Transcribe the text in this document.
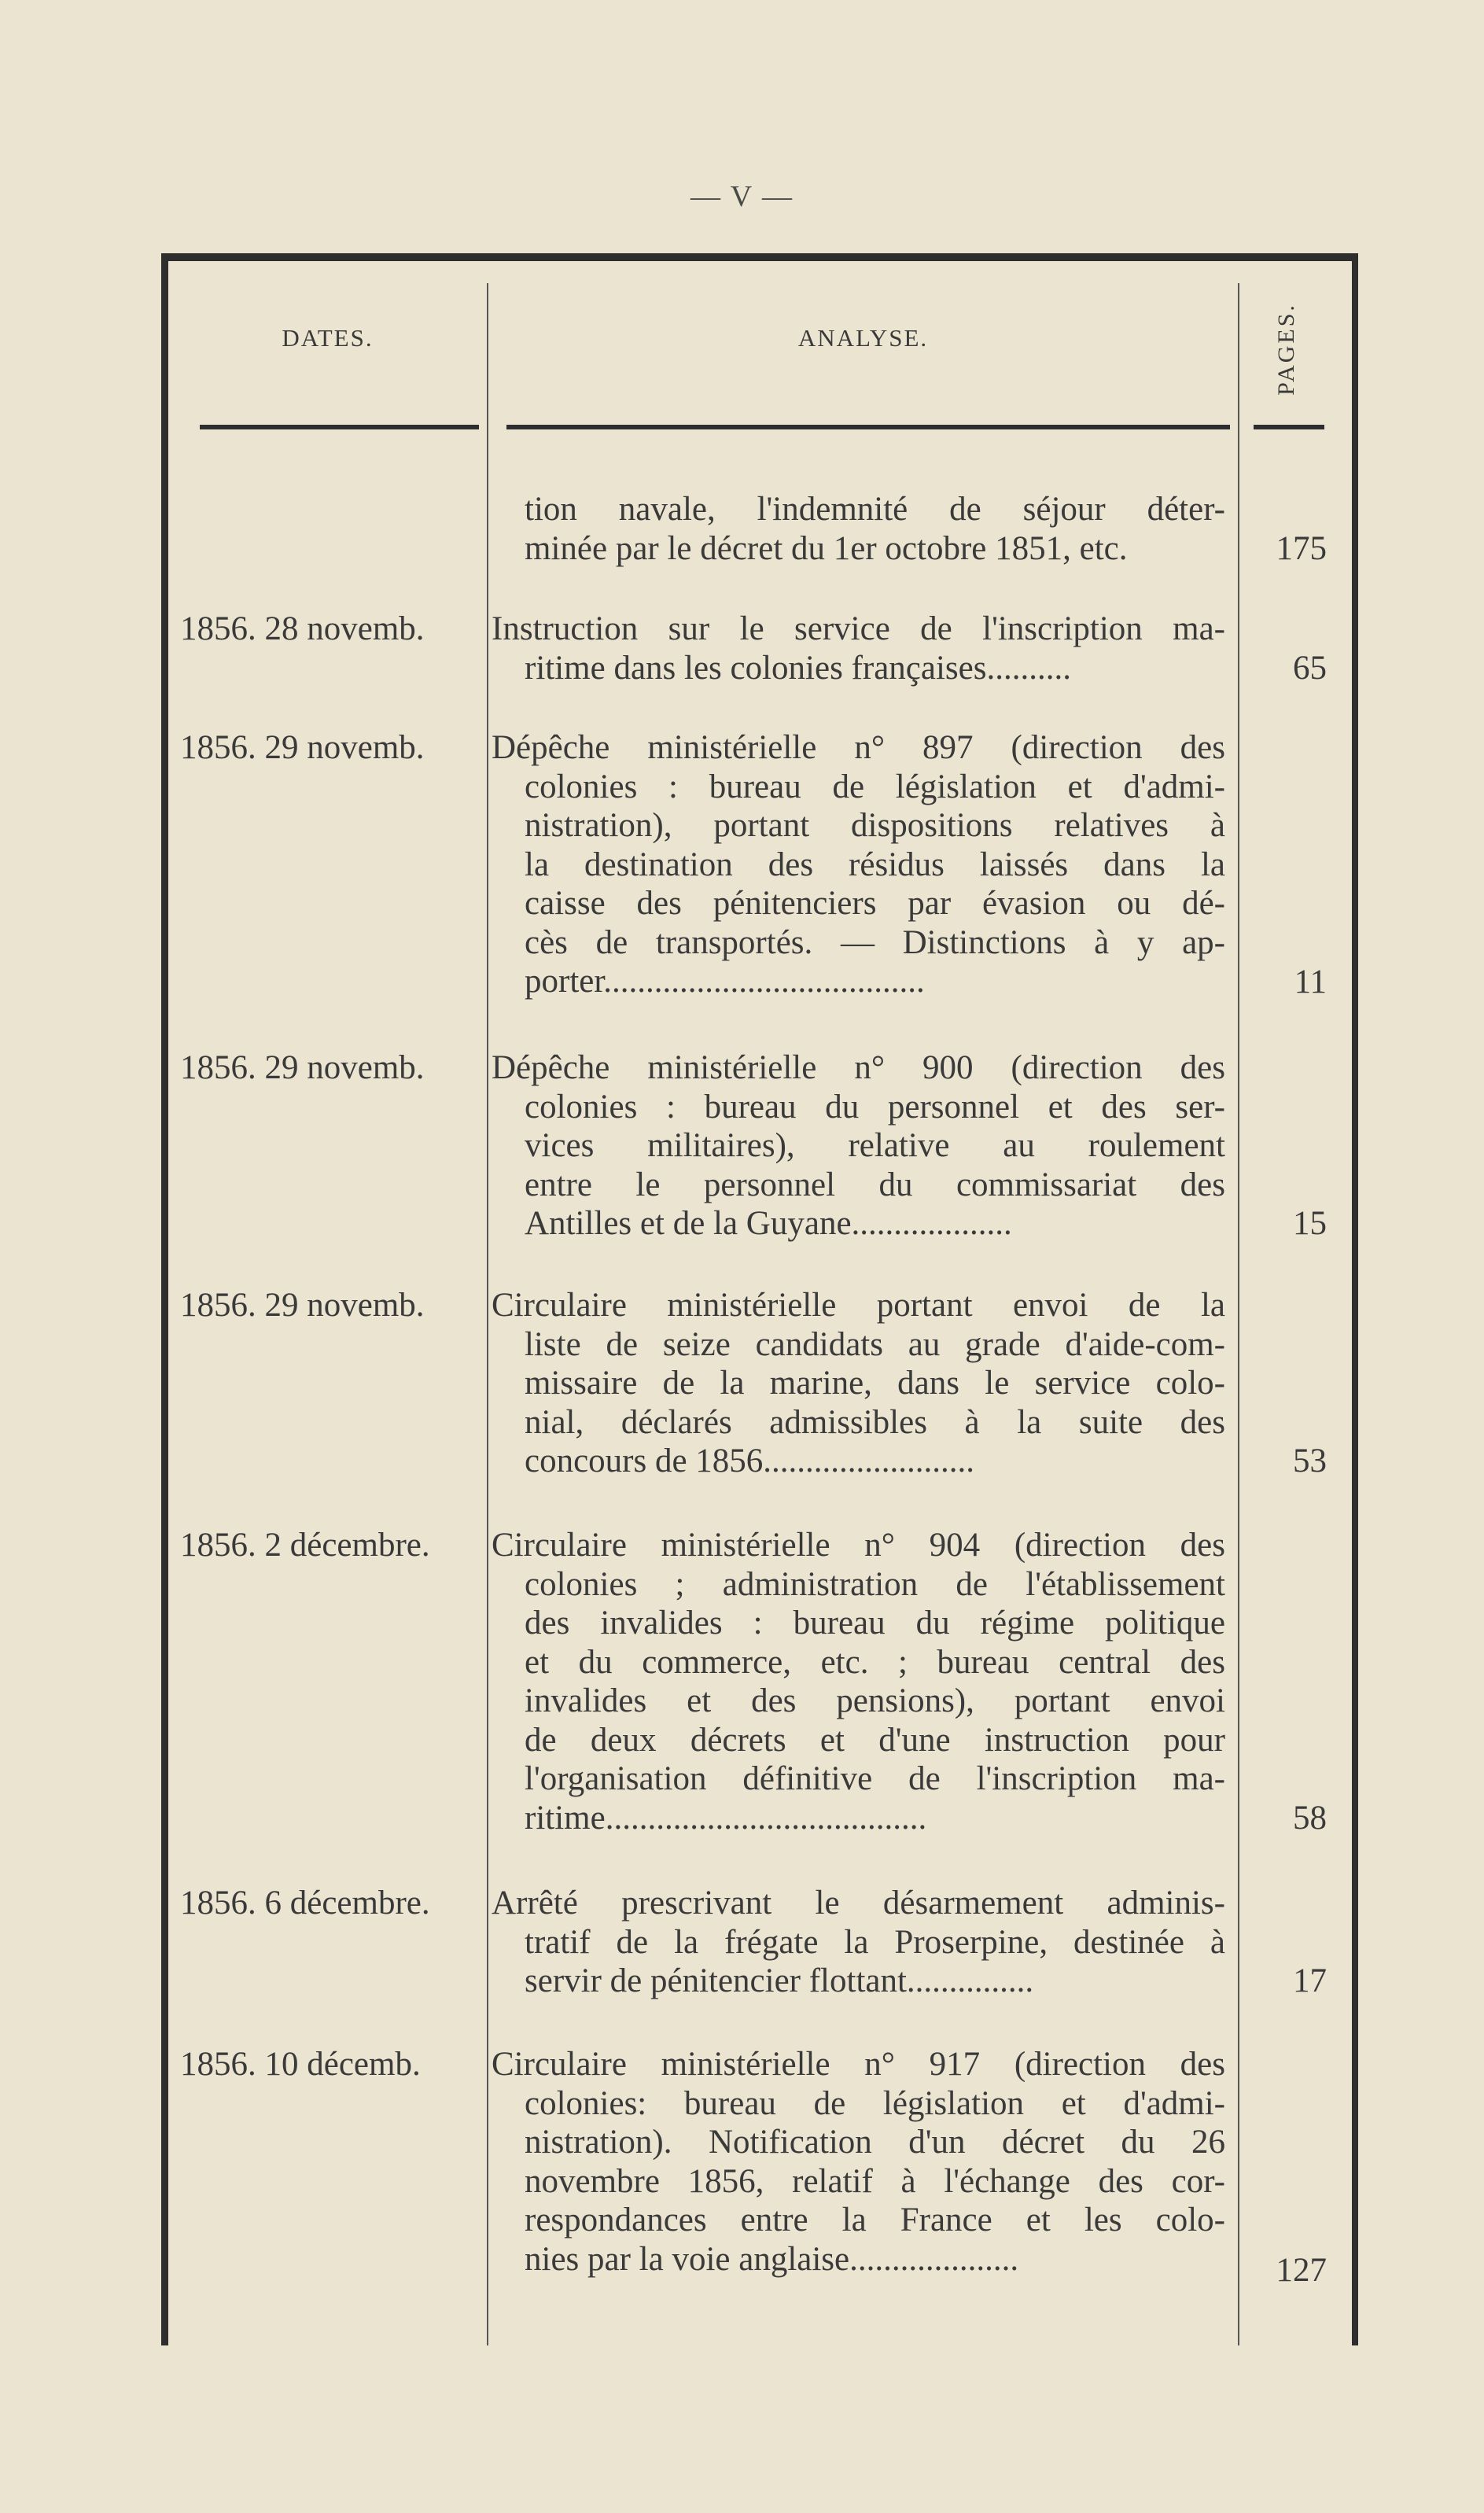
— V —
DATES.	ANALYSE.	PAGES.
tion navale, l'indemnité de séjour déter-
minée par le décret du 1er octobre 1851, etc.	175
1856. 28 novemb.	Instruction sur le service de l'inscription ma-
ritime dans les colonies françaises..........	65
1856. 29 novemb.	Dépêche ministérielle n° 897 (direction des
colonies : bureau de législation et d'admi-
nistration), portant dispositions relatives à
la destination des résidus laissés dans la
caisse des pénitenciers par évasion ou dé-
cès de transportés. — Distinctions à y ap-
porter......................................	11
1856. 29 novemb.	Dépêche ministérielle n° 900 (direction des
colonies : bureau du personnel et des ser-
vices militaires), relative au roulement
entre le personnel du commissariat des
Antilles et de la Guyane...................	15
1856. 29 novemb.	Circulaire ministérielle portant envoi de la
liste de seize candidats au grade d'aide-com-
missaire de la marine, dans le service colo-
nial, déclarés admissibles à la suite des
concours de 1856.........................	53
1856. 2 décembre.	Circulaire ministérielle n° 904 (direction des
colonies ; administration de l'établissement
des invalides : bureau du régime politique
et du commerce, etc. ; bureau central des
invalides et des pensions), portant envoi
de deux décrets et d'une instruction pour
l'organisation définitive de l'inscription ma-
ritime......................................	58
1856. 6 décembre.	Arrêté prescrivant le désarmement adminis-
tratif de la frégate la Proserpine, destinée à
servir de pénitencier flottant...............	17
1856. 10 décemb.	Circulaire ministérielle n° 917 (direction des
colonies: bureau de législation et d'admi-
nistration). Notification d'un décret du 26
novembre 1856, relatif à l'échange des cor-
respondances entre la France et les colo-
nies par la voie anglaise....................	127
